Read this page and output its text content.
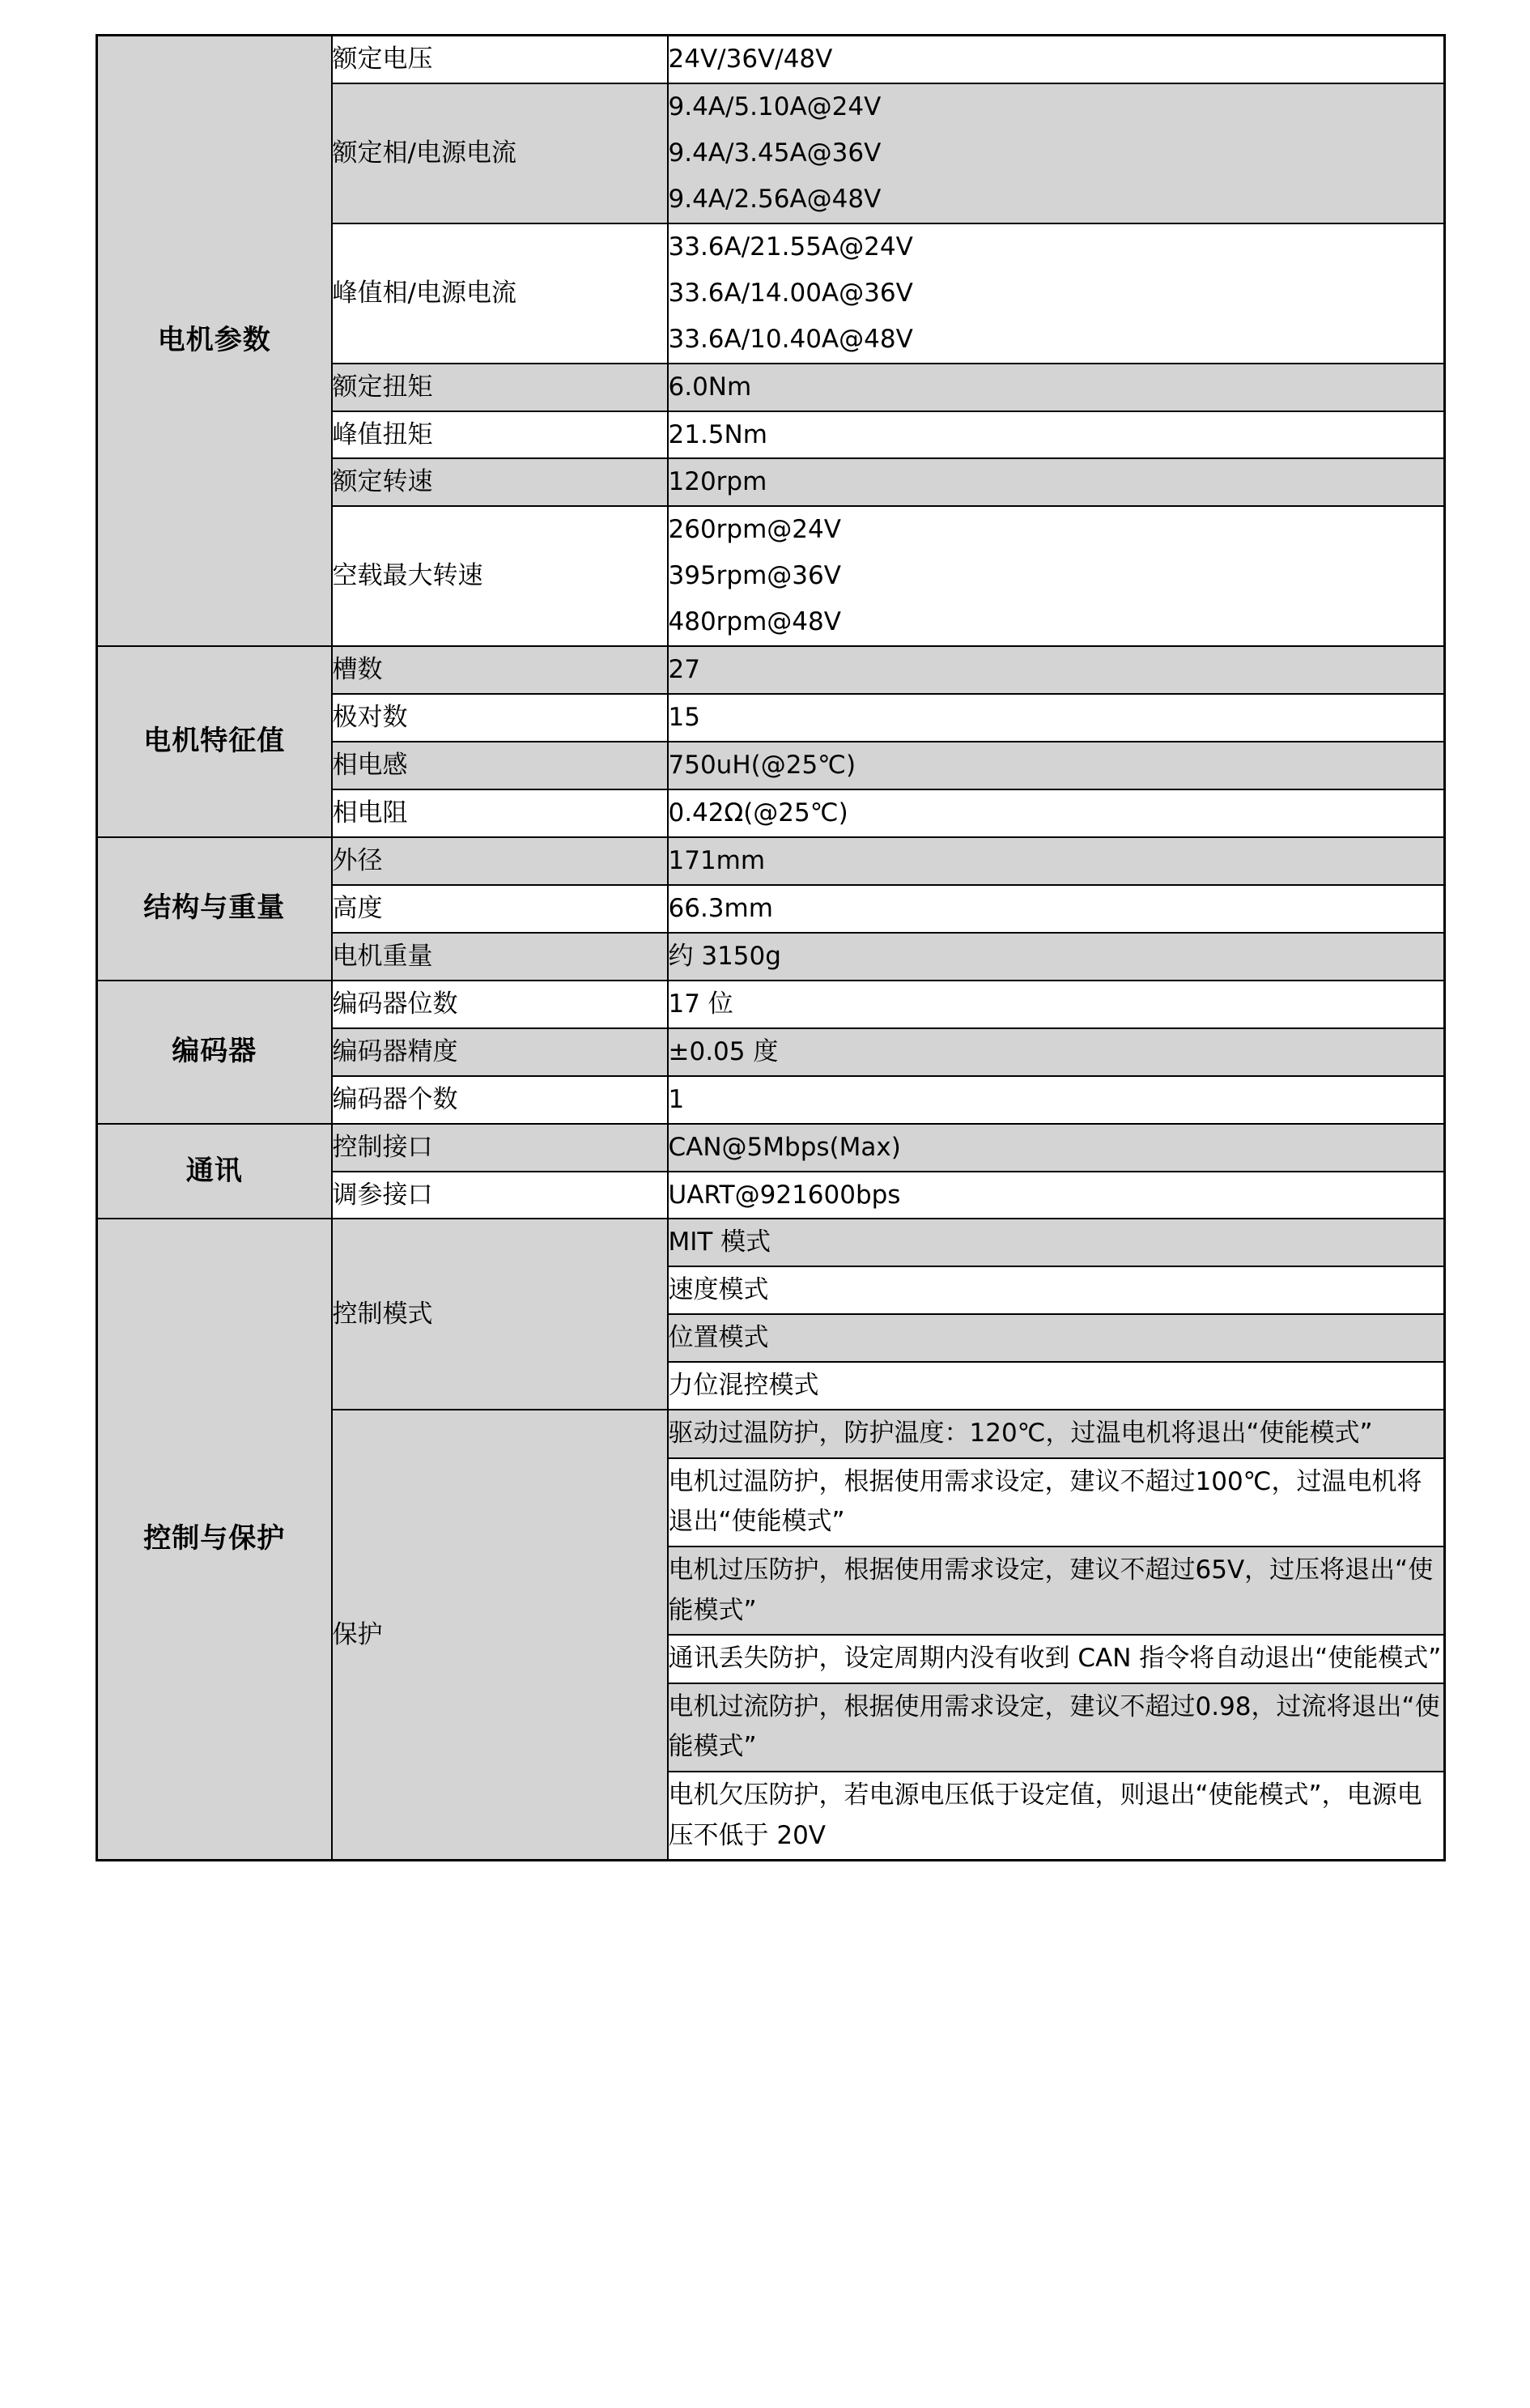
电机参数	额定电压	24V/36V/48V

	额定相/电源电流	9.4A/5.10A@24V
9.4A/3.45A@36V
9.4A/2.56A@48V

	峰值相/电源电流	33.6A/21.55A@24V
33.6A/14.00A@36V
33.6A/10.40A@48V

	额定扭矩	6.0Nm

	峰值扭矩	21.5Nm

	额定转速	120rpm

	空载最大转速	260rpm@24V
395rpm@36V
480rpm@48V

电机特征值	槽数	27

	极对数	15

	相电感	750uH(@25℃)

	相电阻	0.42Ω(@25℃)

结构与重量	外径	171mm

	高度	66.3mm

	电机重量	约 3150g

编码器	编码器位数	17 位

	编码器精度	±0.05 度

	编码器个数	1

通讯	控制接口	CAN@5Mbps(Max)

	调参接口	UART@921600bps

控制与保护	控制模式	MIT 模式

		速度模式

		位置模式

		力位混控模式

	保护	驱动过温防护，防护温度：120℃，过温电机将退出“使能模式”

		电机过温防护，根据使用需求设定，建议不超过100℃，过温电机将退出“使能模式”

		电机过压防护，根据使用需求设定，建议不超过65V，过压将退出“使能模式”

		通讯丢失防护，设定周期内没有收到 CAN 指令将自动退出“使能模式”

		电机过流防护，根据使用需求设定，建议不超过0.98，过流将退出“使能模式”

		电机欠压防护，若电源电压低于设定值，则退出“使能模式”，电源电压不低于 20V
